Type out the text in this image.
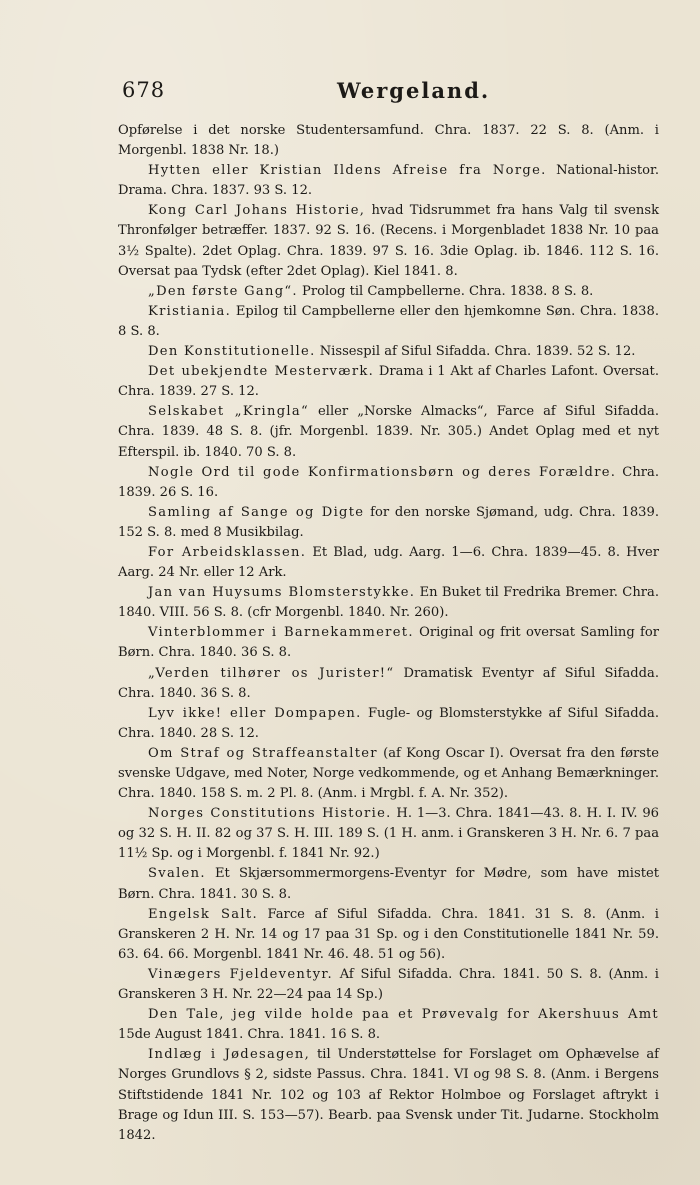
678	Wergeland.

Opførelse i det norske Studentersamfund. Chra. 1837. 22 S. 8. (Anm. i Morgenbl. 1838 Nr. 18.)

Hytten eller Kristian Ildens Afreise fra Norge. National-histor. Drama. Chra. 1837. 93 S. 12.

Kong Carl Johans Historie, hvad Tidsrummet fra hans Valg til svensk Thronfølger betræffer. 1837. 92 S. 16. (Recens. i Morgenbladet 1838 Nr. 10 paa 3½ Spalte). 2det Oplag. Chra. 1839. 97 S. 16. 3die Oplag. ib. 1846. 112 S. 16. Oversat paa Tydsk (efter 2det Oplag). Kiel 1841. 8.

„Den første Gang“. Prolog til Campbellerne. Chra. 1838. 8 S. 8.

Kristiania. Epilog til Campbellerne eller den hjemkomne Søn. Chra. 1838. 8 S. 8.

Den Konstitutionelle. Nissespil af Siful Sifadda. Chra. 1839. 52 S. 12.

Det ubekjendte Mesterværk. Drama i 1 Akt af Charles Lafont. Oversat. Chra. 1839. 27 S. 12.

Selskabet „Kringla“ eller „Norske Almacks“, Farce af Siful Sifadda. Chra. 1839. 48 S. 8. (jfr. Morgenbl. 1839. Nr. 305.) Andet Oplag med et nyt Efterspil. ib. 1840. 70 S. 8.

Nogle Ord til gode Konfirmationsbørn og deres Forældre. Chra. 1839. 26 S. 16.

Samling af Sange og Digte for den norske Sjømand, udg. Chra. 1839. 152 S. 8. med 8 Musikbilag.

For Arbeidsklassen. Et Blad, udg. Aarg. 1—6. Chra. 1839—45. 8. Hver Aarg. 24 Nr. eller 12 Ark.

Jan van Huysums Blomsterstykke. En Buket til Fredrika Bremer. Chra. 1840. VIII. 56 S. 8. (cfr Morgenbl. 1840. Nr. 260).

Vinterblommer i Barnekammeret. Original og frit oversat Samling for Børn. Chra. 1840. 36 S. 8.

„Verden tilhører os Jurister!“ Dramatisk Eventyr af Siful Sifadda. Chra. 1840. 36 S. 8.

Lyv ikke! eller Dompapen. Fugle- og Blomsterstykke af Siful Sifadda. Chra. 1840. 28 S. 12.

Om Straf og Straffeanstalter (af Kong Oscar I). Oversat fra den første svenske Udgave, med Noter, Norge vedkommende, og et Anhang Bemærkninger. Chra. 1840. 158 S. m. 2 Pl. 8. (Anm. i Mrgbl. f. A. Nr. 352).

Norges Constitutions Historie. H. 1—3. Chra. 1841—43. 8. H. I. IV. 96 og 32 S. H. II. 82 og 37 S. H. III. 189 S. (1 H. anm. i Granskeren 3 H. Nr. 6. 7 paa 11½ Sp. og i Morgenbl. f. 1841 Nr. 92.)

Svalen. Et Skjærsommermorgens-Eventyr for Mødre, som have mistet Børn. Chra. 1841. 30 S. 8.

Engelsk Salt. Farce af Siful Sifadda. Chra. 1841. 31 S. 8. (Anm. i Granskeren 2 H. Nr. 14 og 17 paa 31 Sp. og i den Constitutionelle 1841 Nr. 59. 63. 64. 66. Morgenbl. 1841 Nr. 46. 48. 51 og 56).

Vinægers Fjeldeventyr. Af Siful Sifadda. Chra. 1841. 50 S. 8. (Anm. i Granskeren 3 H. Nr. 22—24 paa 14 Sp.)

Den Tale, jeg vilde holde paa et Prøvevalg for Akershuus Amt 15de August 1841. Chra. 1841. 16 S. 8.

Indlæg i Jødesagen, til Understøttelse for Forslaget om Ophævelse af Norges Grundlovs § 2, sidste Passus. Chra. 1841. VI og 98 S. 8. (Anm. i Bergens Stiftstidende 1841 Nr. 102 og 103 af Rektor Holmboe og Forslaget aftrykt i Brage og Idun III. S. 153—57). Bearb. paa Svensk under Tit. Judarne. Stockholm 1842.
